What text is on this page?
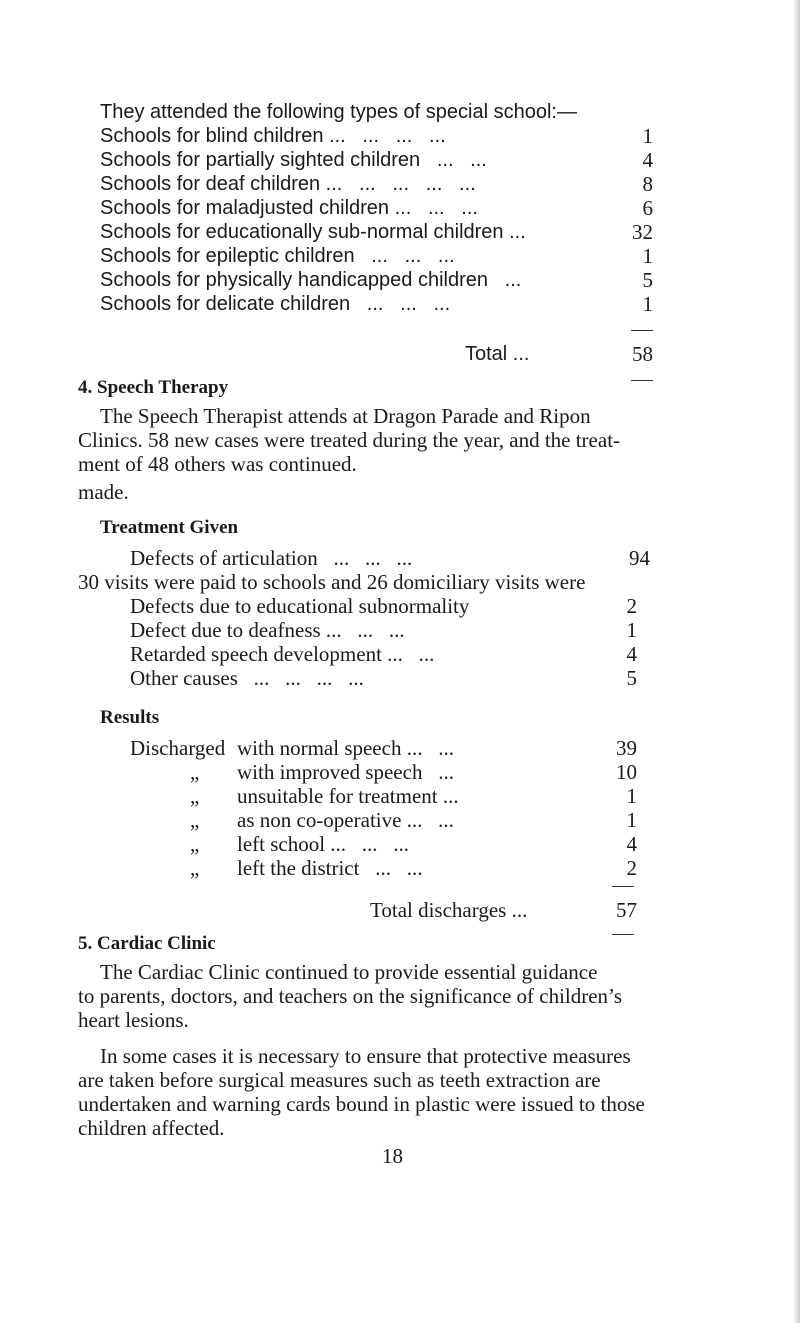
They attended the following types of special school:—
Schools for blind children ...   ...   ...   ...	1
Schools for partially sighted children   ...   ...	4
Schools for deaf children ...   ...   ...   ...   ...	8
Schools for maladjusted children ...   ...   ...	6
Schools for educationally sub-normal children ...	32
Schools for epileptic children   ...   ...   ...	1
Schools for physically handicapped children   ...	5
Schools for delicate children   ...   ...   ...	1
Total ...	58
4. Speech Therapy
The Speech Therapist attends at Dragon Parade and Ripon
Clinics. 58 new cases were treated during the year, and the treat-
ment of 48 others was continued.
made.
Treatment Given
Defects of articulation   ...   ...   ...	94
30 visits were paid to schools and 26 domiciliary visits were
Defects due to educational subnormality	2
Defect due to deafness ...   ...   ...	1
Retarded speech development ...   ...	4
Other causes   ...   ...   ...   ...	5
Results
Discharged with normal speech ...   ...	39
„ with improved speech   ...	10
„ unsuitable for treatment ...	1
„ as non co-operative ...   ...	1
„ left school ...   ...   ...	4
„ left the district   ...   ...	2
Total discharges ...	57
5. Cardiac Clinic
The Cardiac Clinic continued to provide essential guidance
to parents, doctors, and teachers on the significance of children’s
heart lesions.
In some cases it is necessary to ensure that protective measures
are taken before surgical measures such as teeth extraction are
undertaken and warning cards bound in plastic were issued to those
children affected.
18
